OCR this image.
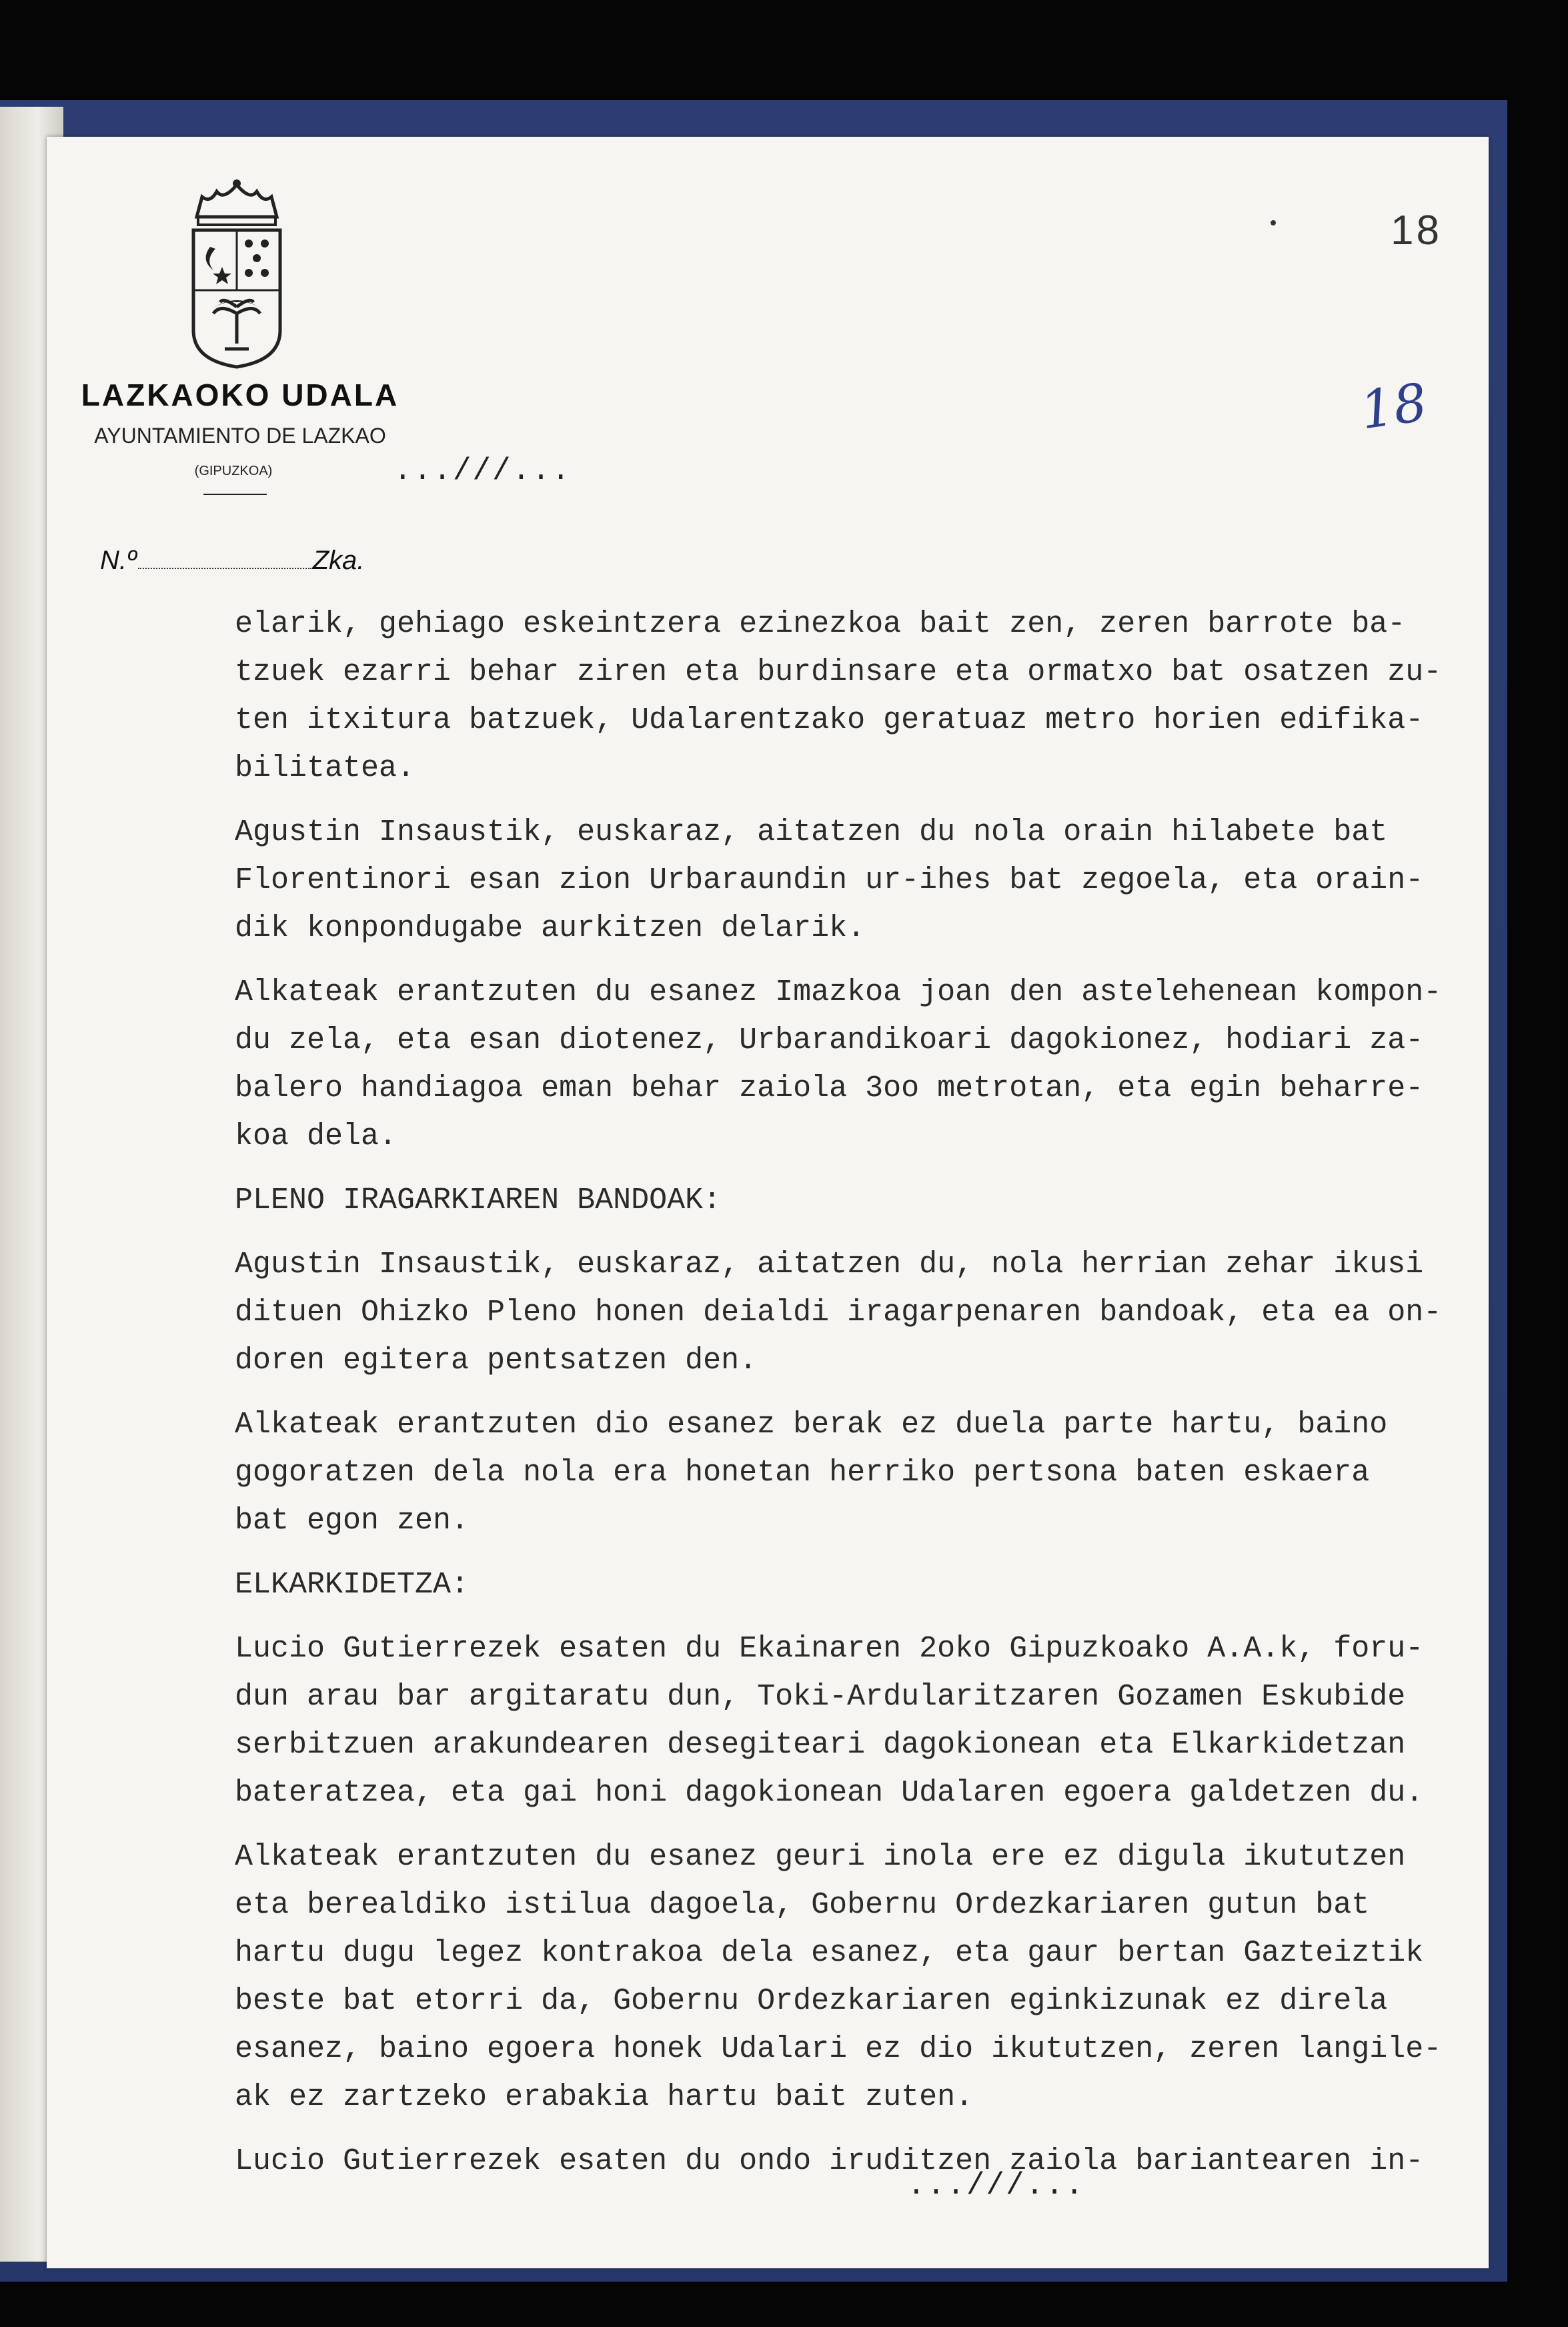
18
18
LAZKAOKO UDALA
AYUNTAMIENTO DE LAZKAO
(GIPUZKOA)	...///...
N.º	Zka.
elarik, gehiago eskeintzera ezinezkoa bait zen, zeren barrote ba-
tzuek ezarri behar ziren eta burdinsare eta ormatxo bat osatzen zu-
ten itxitura batzuek, Udalarentzako geratuaz metro horien edifika-
bilitatea.
Agustin Insaustik, euskaraz, aitatzen du nola orain hilabete bat
Florentinori esan zion Urbaraundin ur-ihes bat zegoela, eta orain-
dik konpondugabe aurkitzen delarik.
Alkateak erantzuten du esanez Imazkoa joan den astelehenean kompon-
du zela, eta esan diotenez, Urbarandikoari dagokionez, hodiari za-
balero handiagoa eman behar zaiola 3oo metrotan, eta egin beharre-
koa dela.
PLENO IRAGARKIAREN BANDOAK:
Agustin Insaustik, euskaraz, aitatzen du, nola herrian zehar ikusi
dituen Ohizko Pleno honen deialdi iragarpenaren bandoak, eta ea on-
doren egitera pentsatzen den.
Alkateak erantzuten dio esanez berak ez duela parte hartu, baino
gogoratzen dela nola era honetan herriko pertsona baten eskaera
bat egon zen.
ELKARKIDETZA:
Lucio Gutierrezek esaten du Ekainaren 2oko Gipuzkoako A.A.k, foru-
dun arau bar argitaratu dun, Toki-Ardularitzaren Gozamen Eskubide
serbitzuen arakundearen desegiteari dagokionean eta Elkarkidetzan
bateratzea, eta gai honi dagokionean Udalaren egoera galdetzen du.
Alkateak erantzuten du esanez geuri inola ere ez digula ikututzen
eta berealdiko istilua dagoela, Gobernu Ordezkariaren gutun bat
hartu dugu legez kontrakoa dela esanez, eta gaur bertan Gazteiztik
beste bat etorri da, Gobernu Ordezkariaren eginkizunak ez direla
esanez, baino egoera honek Udalari ez dio ikututzen, zeren langile-
ak ez zartzeko erabakia hartu bait zuten.
Lucio Gutierrezek esaten du ondo iruditzen zaiola bariantearen in-
...///...
